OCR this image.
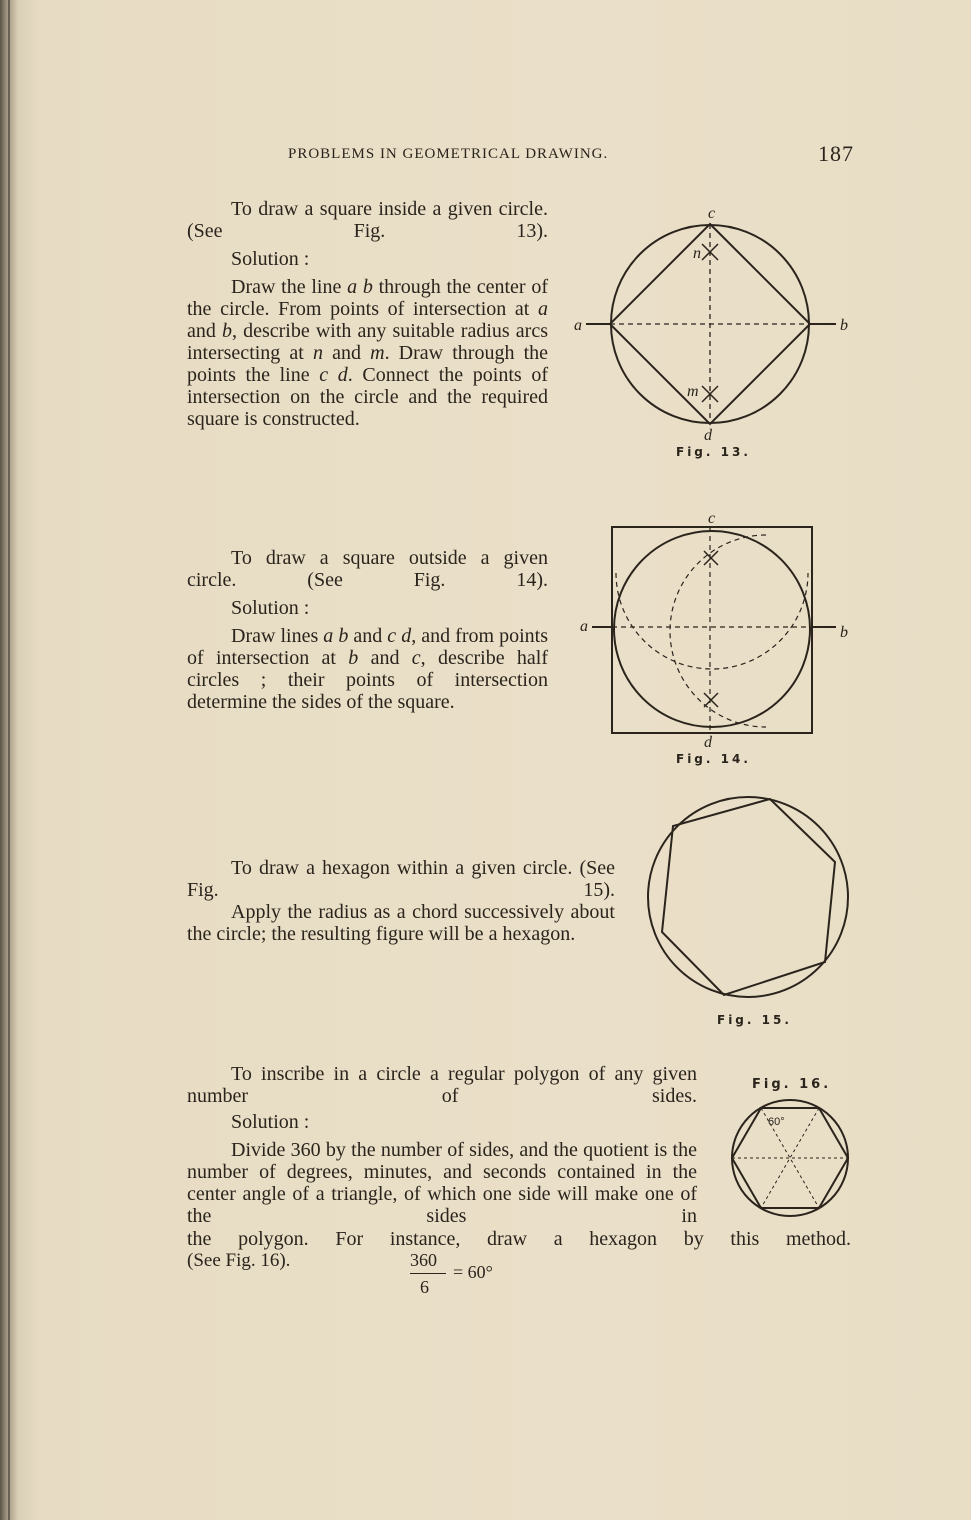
PROBLEMS IN GEOMETRICAL DRAWING.	187

To draw a square inside a given circle. (See Fig. 13).

Solution :

Draw the line a b through the center of the circle. From points of intersection at a and b, describe with any suitable radius arcs intersecting at n and m. Draw through the points the line c d. Connect the points of intersection on the circle and the required square is constructed.

c
n
a	b
m
d
Fig. 13.

To draw a square outside a given circle. (See Fig. 14).

Solution :

Draw lines a b and c d, and from points of intersection at b and c, describe half circles ; their points of intersection determine the sides of the square.

c
a	b
d
Fig. 14.

To draw a hexagon within a given circle. (See Fig. 15).

Apply the radius as a chord successively about the circle; the resulting figure will be a hexagon.

Fig. 15.

To inscribe in a circle a regular polygon of any given number of sides.

Solution :

Divide 360 by the number of sides, and the quotient is the number of degrees, minutes, and seconds contained in the center angle of a triangle, of which one side will make one of the sides in

the polygon. For instance, draw a hexagon by this method.

(See Fig. 16).	360
6
= 60°
Fig. 16.
60°
